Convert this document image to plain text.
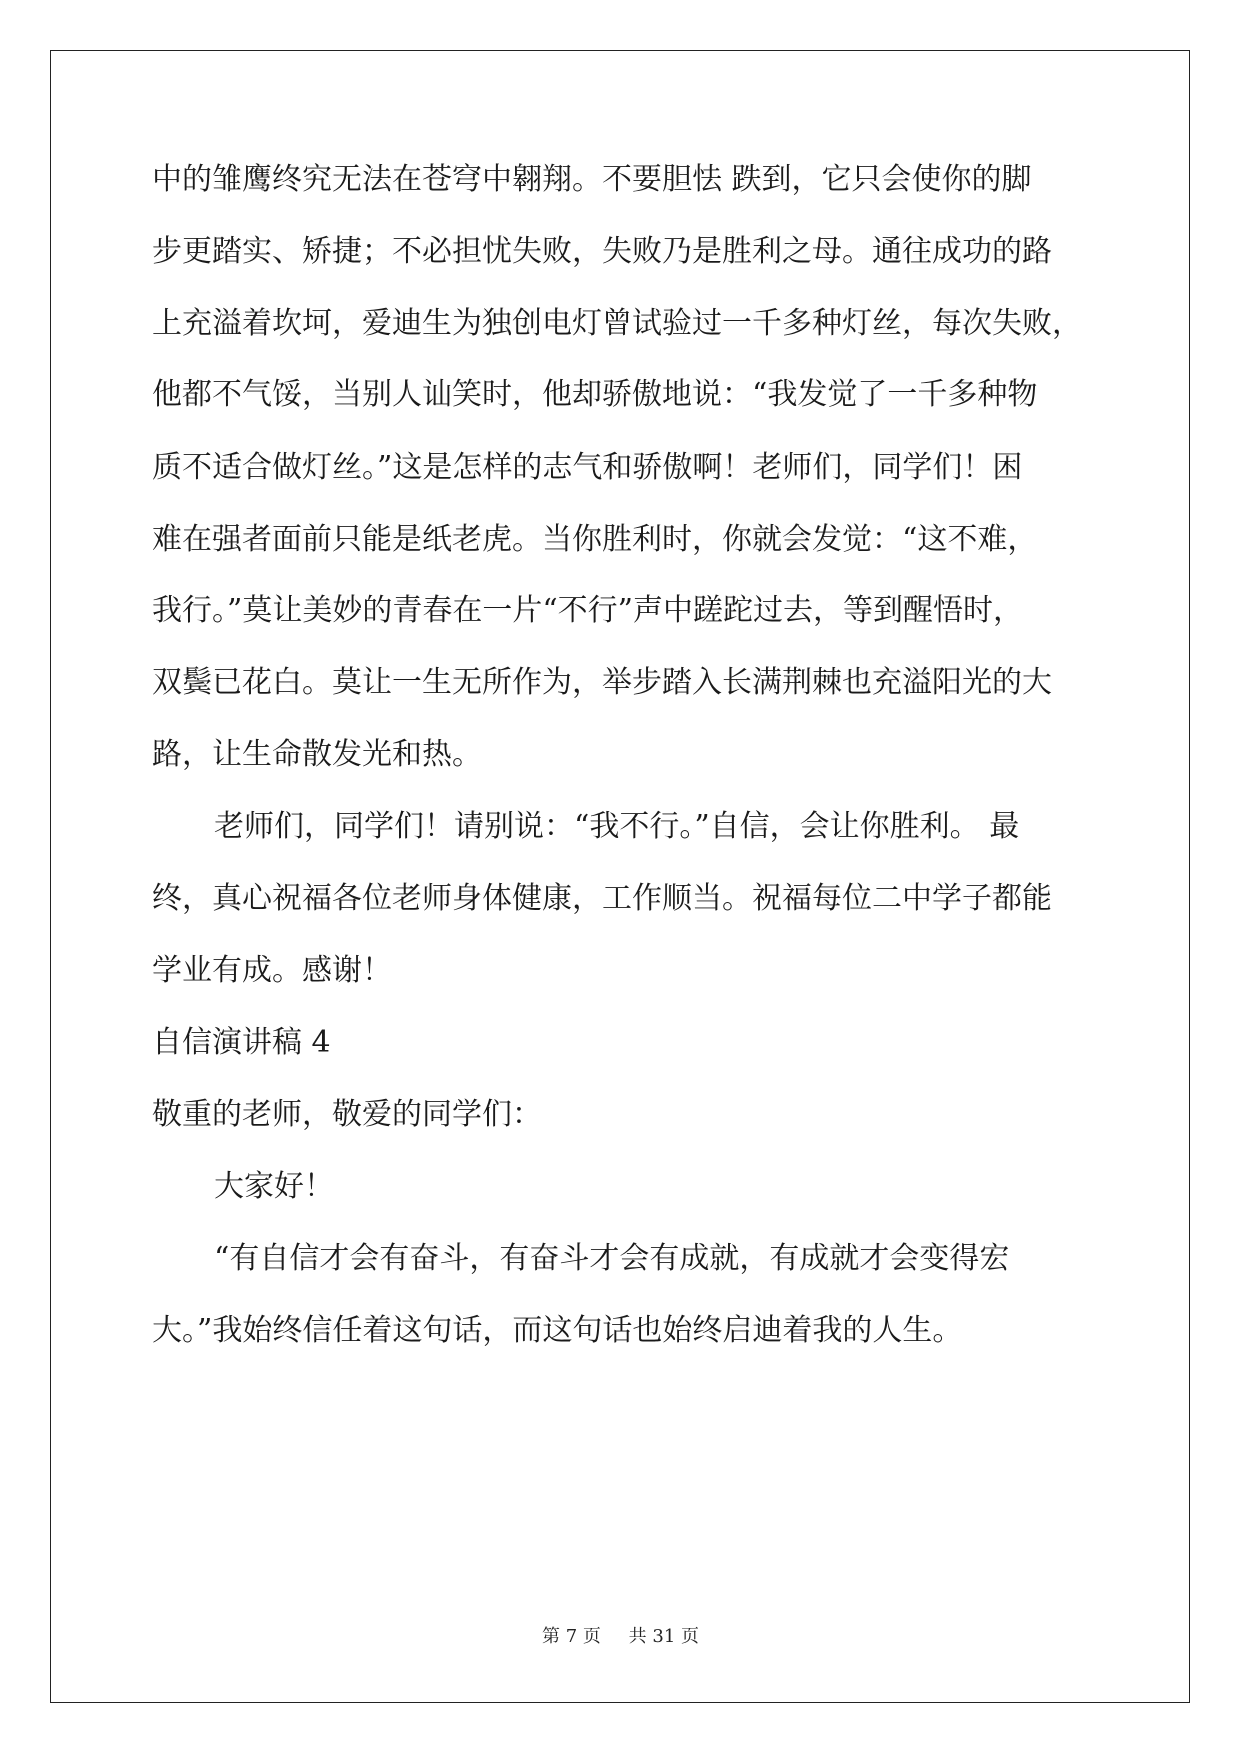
中的雏鹰终究无法在苍穹中翱翔。不要胆怯 跌到，它只会使你的脚
步更踏实、矫捷；不必担忧失败，失败乃是胜利之母。通往成功的路
上充溢着坎坷，爱迪生为独创电灯曾试验过一千多种灯丝，每次失败，
他都不气馁，当别人讪笑时，他却骄傲地说：“我发觉了一千多种物
质不适合做灯丝。”这是怎样的志气和骄傲啊！老师们，同学们！困
难在强者面前只能是纸老虎。当你胜利时，你就会发觉：“这不难，
我行。”莫让美妙的青春在一片“不行”声中蹉跎过去，等到醒悟时，
双鬓已花白。莫让一生无所作为，举步踏入长满荆棘也充溢阳光的大
路，让生命散发光和热。
老师们，同学们！请别说：“我不行。”自信，会让你胜利。 最
终，真心祝福各位老师身体健康，工作顺当。祝福每位二中学子都能
学业有成。感谢！
自信演讲稿 4
敬重的老师，敬爱的同学们：
大家好！
“有自信才会有奋斗，有奋斗才会有成就，有成就才会变得宏
大。”我始终信任着这句话，而这句话也始终启迪着我的人生。
第 7 页 共 31 页
